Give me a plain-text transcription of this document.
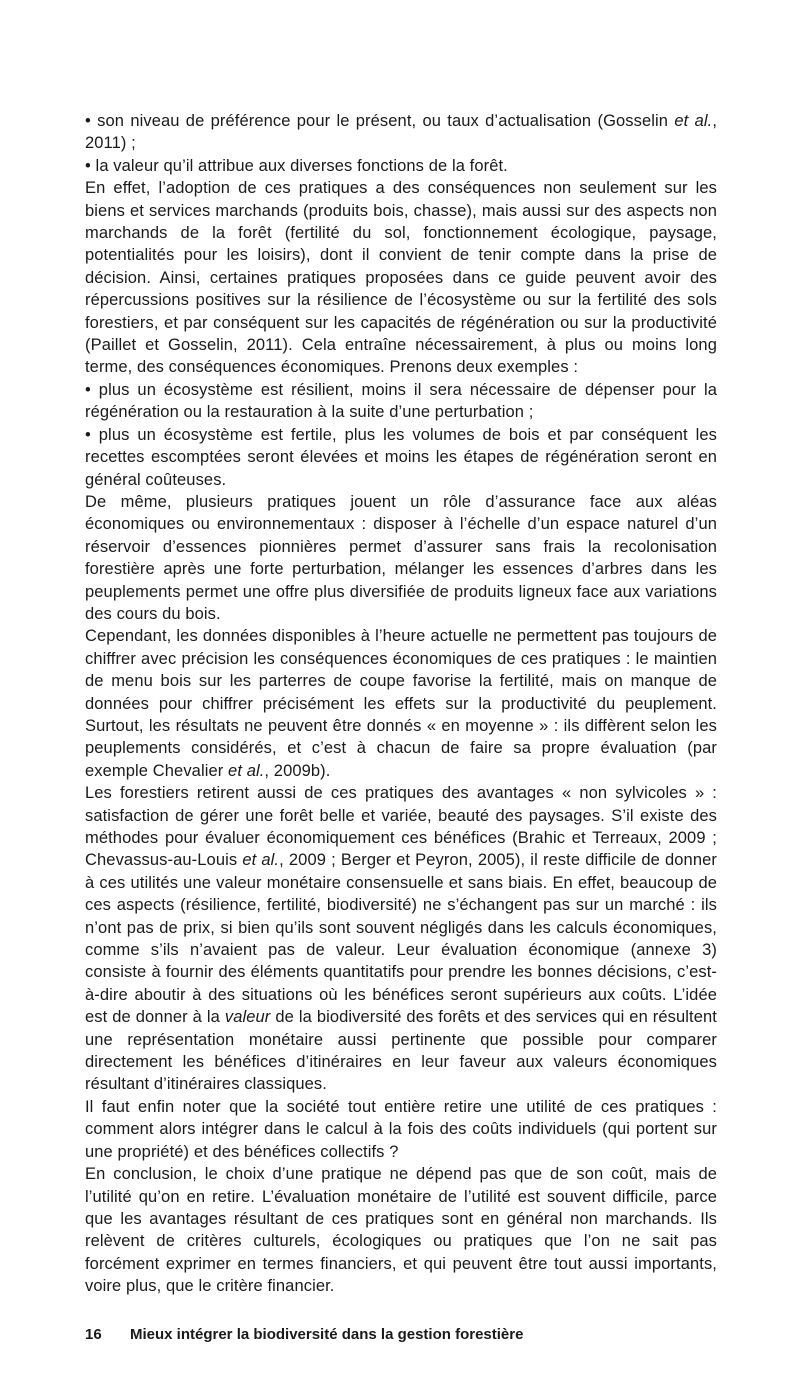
• son niveau de préférence pour le présent, ou taux d’actualisation (Gosselin et al., 2011) ;

• la valeur qu’il attribue aux diverses fonctions de la forêt.

En effet, l’adoption de ces pratiques a des conséquences non seulement sur les biens et services marchands (produits bois, chasse), mais aussi sur des aspects non marchands de la forêt (fertilité du sol, fonctionnement écologique, paysage, potentialités pour les loisirs), dont il convient de tenir compte dans la prise de décision. Ainsi, certaines pratiques proposées dans ce guide peuvent avoir des répercussions positives sur la résilience de l’écosystème ou sur la fertilité des sols forestiers, et par conséquent sur les capacités de régénération ou sur la productivité (Paillet et Gosselin, 2011). Cela entraîne nécessairement, à plus ou moins long terme, des conséquences économiques. Prenons deux exemples :

• plus un écosystème est résilient, moins il sera nécessaire de dépenser pour la régénération ou la restauration à la suite d’une perturbation ;

• plus un écosystème est fertile, plus les volumes de bois et par conséquent les recettes escomptées seront élevées et moins les étapes de régénération seront en général coûteuses.

De même, plusieurs pratiques jouent un rôle d’assurance face aux aléas économiques ou environnementaux : disposer à l’échelle d’un espace naturel d’un réservoir d’essences pionnières permet d’assurer sans frais la recolonisation forestière après une forte perturbation, mélanger les essences d’arbres dans les peuplements permet une offre plus diversifiée de produits ligneux face aux variations des cours du bois.

Cependant, les données disponibles à l’heure actuelle ne permettent pas toujours de chiffrer avec précision les conséquences économiques de ces pratiques : le maintien de menu bois sur les parterres de coupe favorise la fertilité, mais on manque de données pour chiffrer précisément les effets sur la productivité du peuplement. Surtout, les résultats ne peuvent être donnés « en moyenne » : ils diffèrent selon les peuplements considérés, et c’est à chacun de faire sa propre évaluation (par exemple Chevalier et al., 2009b).

Les forestiers retirent aussi de ces pratiques des avantages « non sylvicoles » : satisfaction de gérer une forêt belle et variée, beauté des paysages. S’il existe des méthodes pour évaluer économiquement ces bénéfices (Brahic et Terreaux, 2009 ; Chevassus-au-Louis et al., 2009 ; Berger et Peyron, 2005), il reste difficile de donner à ces utilités une valeur monétaire consensuelle et sans biais. En effet, beaucoup de ces aspects (résilience, fertilité, biodiversité) ne s’échangent pas sur un marché : ils n’ont pas de prix, si bien qu’ils sont souvent négligés dans les calculs économiques, comme s’ils n’avaient pas de valeur. Leur évaluation économique (annexe 3) consiste à fournir des éléments quantitatifs pour prendre les bonnes décisions, c’est-à-dire aboutir à des situations où les bénéfices seront supérieurs aux coûts. L’idée est de donner à la valeur de la biodiversité des forêts et des services qui en résultent une représentation monétaire aussi pertinente que possible pour comparer directement les bénéfices d’itinéraires en leur faveur aux valeurs économiques résultant d’itinéraires classiques.

Il faut enfin noter que la société tout entière retire une utilité de ces pratiques : comment alors intégrer dans le calcul à la fois des coûts individuels (qui portent sur une propriété) et des bénéfices collectifs ?

En conclusion, le choix d’une pratique ne dépend pas que de son coût, mais de l’utilité qu’on en retire. L’évaluation monétaire de l’utilité est souvent difficile, parce que les avantages résultant de ces pratiques sont en général non marchands. Ils relèvent de critères culturels, écologiques ou pratiques que l’on ne sait pas forcément exprimer en termes financiers, et qui peuvent être tout aussi importants, voire plus, que le critère financier.

16	Mieux intégrer la biodiversité dans la gestion forestière
